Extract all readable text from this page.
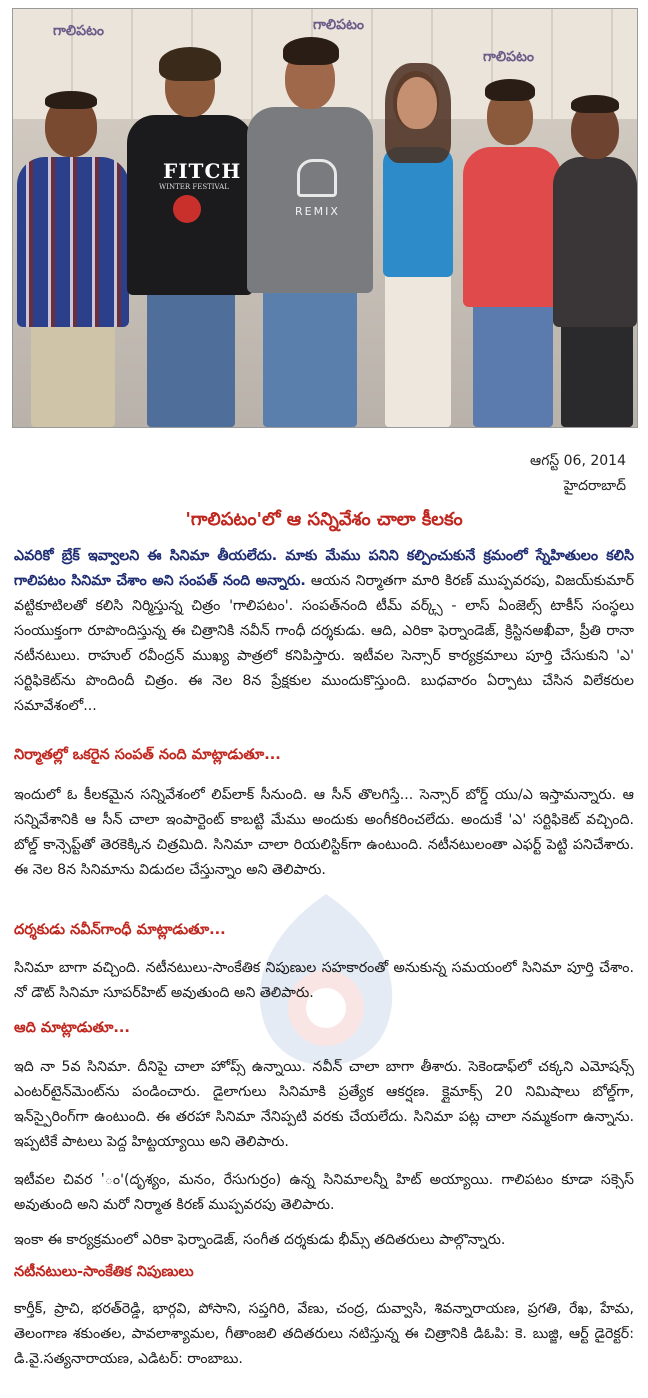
గాలిపటం	గాలిపటం
గాలిపటం
FITCH
WINTER FESTIVAL
REMIX
ఆగస్ట్ 06, 2014
హైదరాబాద్
'గాలిపటం'లో ఆ సన్నివేశం చాలా కీలకం
ఎవరికో బ్రేక్ ఇవ్వాలని ఈ సినిమా తీయలేదు. మాకు మేము పనిని కల్పించుకునే క్రమంలో స్నేహితులం కలిసి గాలిపటం సినిమా చేశాం అని సంపత్ నంది అన్నారు. ఆయన నిర్మాతగా మారి కిరణ్ ముప్పవరపు, విజయ్‌కుమార్ వట్టికూటిలతో కలిసి నిర్మిస్తున్న చిత్రం 'గాలిపటం'. సంపత్‌నంది టీమ్ వర్క్స్ - లాస్ ఏంజెల్స్ టాకీస్ సంస్థలు సంయుక్తంగా రూపొందిస్తున్న ఈ చిత్రానికి నవీన్ గాంధీ దర్శకుడు. ఆది, ఎరికా ఫెర్నాండెజ్, క్రిస్టినఅఖీవా, ప్రీతి రానా నటీనటులు. రాహుల్ రవీంద్రన్ ముఖ్య పాత్రలో కనిపిస్తారు. ఇటీవల సెన్సార్ కార్యక్రమాలు పూర్తి చేసుకుని 'ఎ' సర్టిఫికెట్‌ను పొందిందీ చిత్రం. ఈ నెల 8న ప్రేక్షకుల ముందుకొస్తుంది. బుధవారం ఏర్పాటు చేసిన విలేకరుల సమావేశంలో...
నిర్మాతల్లో ఒకరైన సంపత్ నంది మాట్లాడుతూ...
ఇందులో ఓ కీలకమైన సన్నివేశంలో లిప్‌లాక్ సీనుంది. ఆ సీన్ తొలగిస్తే... సెన్సార్ బోర్డ్ యు/ఎ ఇస్తామన్నారు. ఆ సన్నివేశానికి ఆ సీన్ చాలా ఇంపార్టెంట్ కాబట్టి మేము అందుకు అంగీకరించలేదు. అందుకే 'ఎ' సర్టిఫికెట్ వచ్చింది. బోల్డ్ కాన్సెప్ట్‌తో తెరకెక్కిన చిత్రమిది. సినిమా చాలా రియలిస్టిక్‌గా ఉంటుంది. నటీనటులంతా ఎఫర్ట్ పెట్టి పనిచేశారు. ఈ నెల 8న సినిమాను విడుదల చేస్తున్నాం అని తెలిపారు.
దర్శకుడు నవీన్‌గాంధీ మాట్లాడుతూ...
సినిమా బాగా వచ్చింది. నటీనటులు-సాంకేతిక నిపుణుల సహకారంతో అనుకున్న సమయంలో సినిమా పూర్తి చేశాం. నో డౌట్ సినిమా సూపర్‌హిట్ అవుతుంది అని తెలిపారు.
ఆది మాట్లాడుతూ...
ఇది నా 5వ సినిమా. దీనిపై చాలా హోప్స్ ఉన్నాయి. నవీన్ చాలా బాగా తీశారు. సెకెండాఫ్‌లో చక్కని ఎమోషన్స్ ఎంటర్‌టైన్‌మెంట్‌ను పండించారు. డైలాగులు సినిమాకి ప్రత్యేక ఆకర్షణ. క్లైమాక్స్ 20 నిమిషాలు బోల్డ్‌గా, ఇన్‌స్పైరింగ్‌గా ఉంటుంది. ఈ తరహా సినిమా నేనిప్పటి వరకు చేయలేదు. సినిమా పట్ల చాలా నమ్మకంగా ఉన్నాను. ఇప్పటికే పాటలు పెద్ద హిట్టయ్యాయి అని తెలిపారు.
ఇటీవల చివర 'ం'(దృశ్యం, మనం, రేసుగుర్రం) ఉన్న సినిమాలన్నీ హిట్ అయ్యాయి. గాలిపటం కూడా సక్సెస్ అవుతుంది అని మరో నిర్మాత కిరణ్ ముప్పవరపు తెలిపారు.
ఇంకా ఈ కార్యక్రమంలో ఎరికా ఫెర్నాండెజ్, సంగీత దర్శకుడు భీమ్స్ తదితరులు పాల్గొన్నారు.
నటీనటులు-సాంకేతిక నిపుణులు
కార్తీక్, ప్రాచి, భరత్‌రెడ్డి, భార్గవి, పోసాని, సప్తగిరి, వేణు, చంద్ర, దువ్వాసి, శివన్నారాయణ, ప్రగతి, రేఖ, హేమ, తెలంగాణ శకుంతల, పావలాశ్యామల, గీతాంజలి తదితరులు నటిస్తున్న ఈ చిత్రానికి డిఓపి: కె. బుజ్జి, ఆర్ట్ డైరెక్టర్: డి.వై.సత్యనారాయణ, ఎడిటర్: రాంబాబు.
